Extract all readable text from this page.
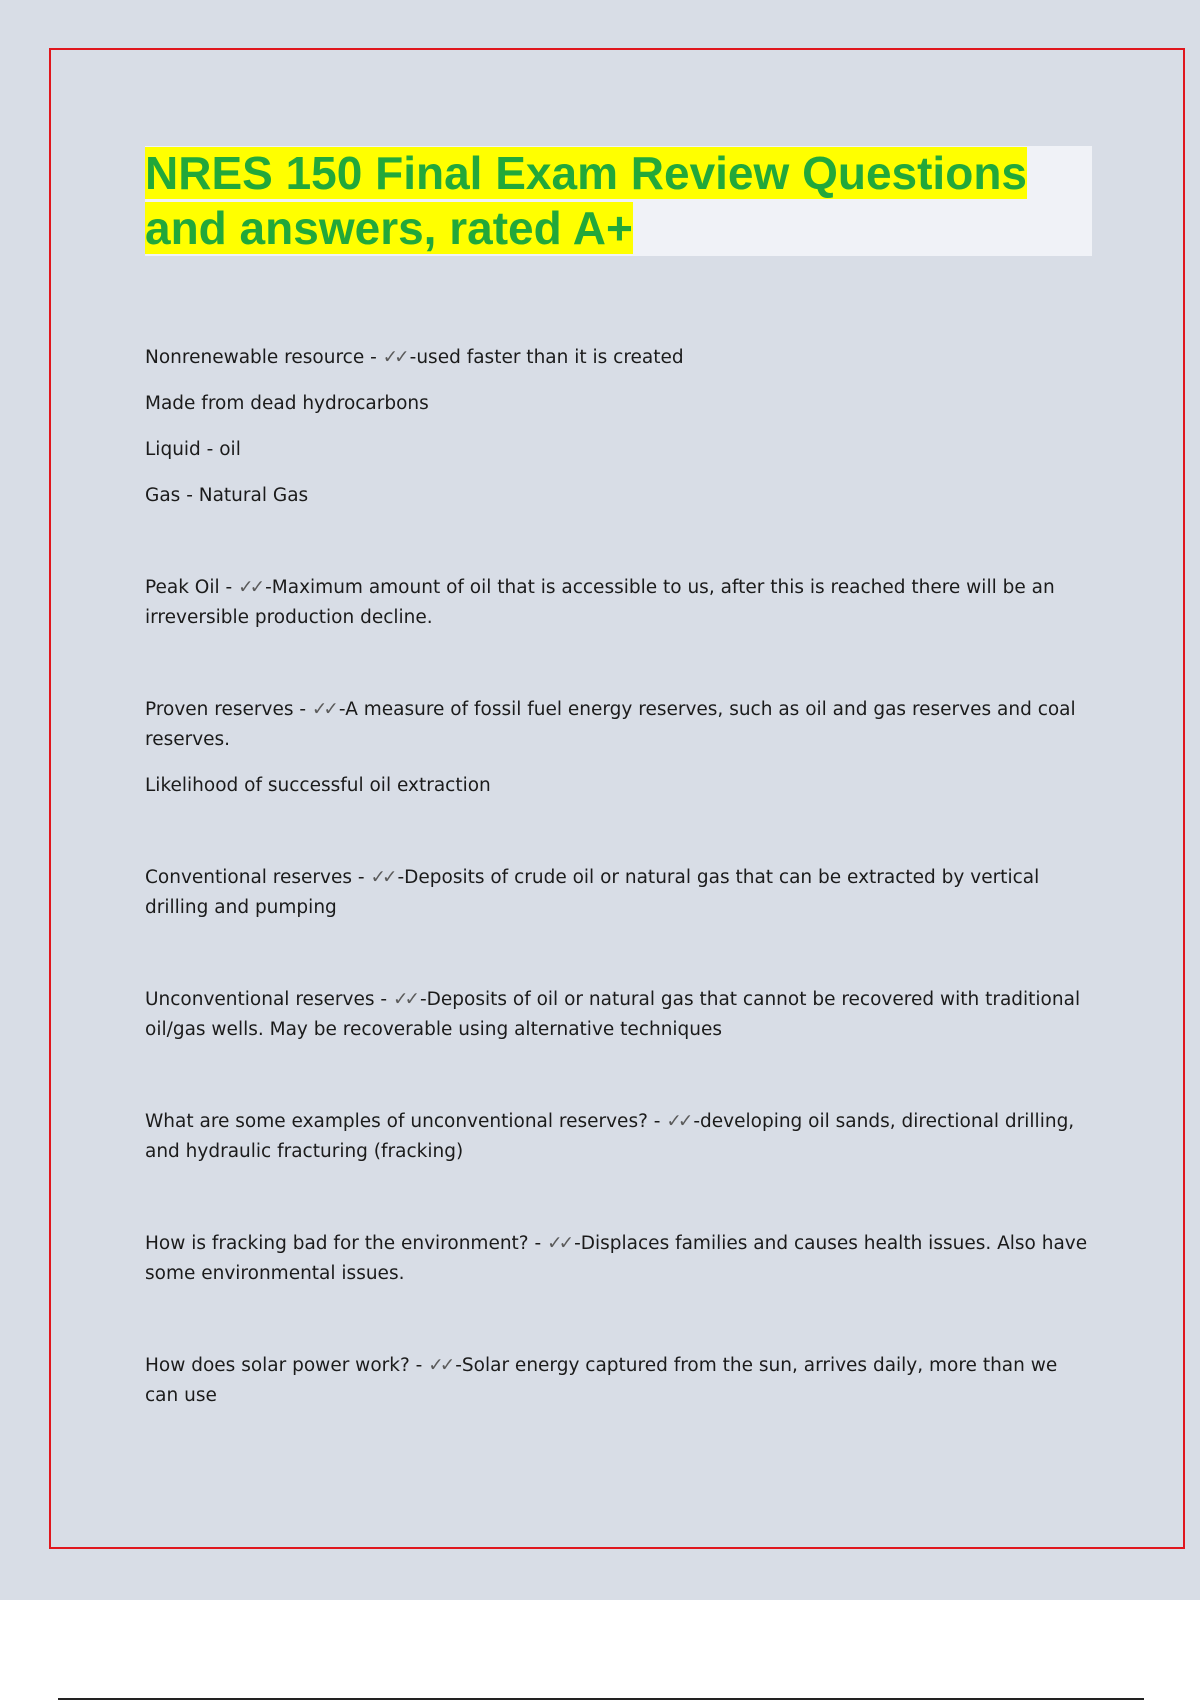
NRES 150 Final Exam Review Questions
and answers, rated A+

Nonrenewable resource - ✓✓ -used faster than it is created

Made from dead hydrocarbons

Liquid - oil

Gas - Natural Gas

Peak Oil - ✓✓ -Maximum amount of oil that is accessible to us, after this is reached there will be an irreversible production decline.

Proven reserves - ✓✓ -A measure of fossil fuel energy reserves, such as oil and gas reserves and coal reserves.

Likelihood of successful oil extraction

Conventional reserves - ✓✓ -Deposits of crude oil or natural gas that can be extracted by vertical drilling and pumping

Unconventional reserves - ✓✓ -Deposits of oil or natural gas that cannot be recovered with traditional oil/gas wells. May be recoverable using alternative techniques

What are some examples of unconventional reserves? - ✓✓ -developing oil sands, directional drilling, and hydraulic fracturing (fracking)

How is fracking bad for the environment? - ✓✓ -Displaces families and causes health issues. Also have some environmental issues.

How does solar power work? - ✓✓ -Solar energy captured from the sun, arrives daily, more than we can use
